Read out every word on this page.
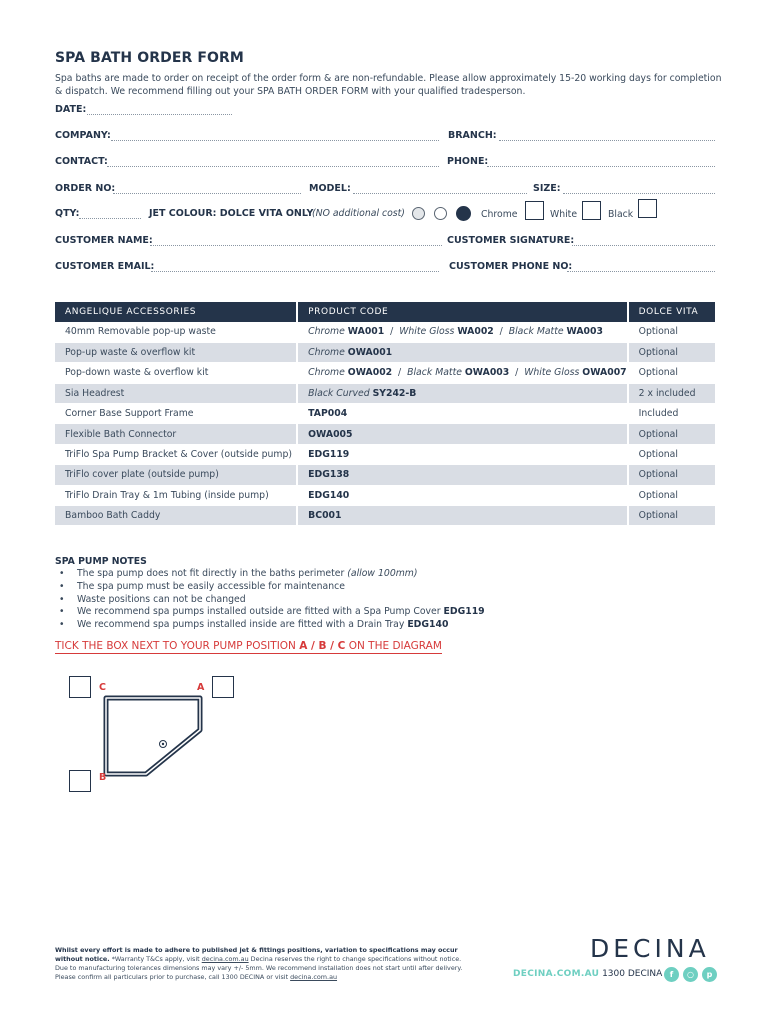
SPA BATH ORDER FORM
Spa baths are made to order on receipt of the order form & are non-refundable. Please allow approximately 15-20 working days for completion & dispatch. We recommend filling out your SPA BATH ORDER FORM with your qualified tradesperson.
DATE:
COMPANY:	BRANCH:
CONTACT:	PHONE:
ORDER NO:	MODEL:	SIZE:
QTY:	JET COLOUR: DOLCE VITA ONLY
(NO additional cost)	Chrome	White	Black
CUSTOMER NAME:	CUSTOMER SIGNATURE:
CUSTOMER EMAIL:	CUSTOMER PHONE NO:
ANGELIQUE ACCESSORIES	PRODUCT CODE	DOLCE VITA
40mm Removable pop-up waste	Chrome WA001  /  White Gloss WA002  /  Black Matte WA003	Optional
Pop-up waste & overflow kit	Chrome OWA001	Optional
Pop-down waste & overflow kit	Chrome OWA002  /  Black Matte OWA003  /  White Gloss OWA007	Optional
Sia Headrest	Black Curved SY242-B	2 x included
Corner Base Support Frame	TAP004	Included
Flexible Bath Connector	OWA005	Optional
TriFlo Spa Pump Bracket & Cover (outside pump)	EDG119	Optional
TriFlo cover plate (outside pump)	EDG138	Optional
TriFlo Drain Tray & 1m Tubing (inside pump)	EDG140	Optional
Bamboo Bath Caddy	BC001	Optional
SPA PUMP NOTES
• The spa pump does not fit directly in the baths perimeter (allow 100mm)
• The spa pump must be easily accessible for maintenance
• Waste positions can not be changed
• We recommend spa pumps installed outside are fitted with a Spa Pump Cover EDG119
• We recommend spa pumps installed inside are fitted with a Drain Tray EDG140
TICK THE BOX NEXT TO YOUR PUMP POSITION A / B / C ON THE DIAGRAM
C	A
B
Whilst every effort is made to adhere to published jet & fittings positions, variation to specifications may occur without notice. *Warranty T&Cs apply, visit decina.com.au Decina reserves the right to change specifications without notice. Due to manufacturing tolerances dimensions may vary +/- 5mm. We recommend installation does not start until after delivery. Please confirm all particulars prior to purchase, call 1300 DECINA or visit decina.com.au
DECINA
DECINA.COM.AU 1300 DECINA f	○	p
